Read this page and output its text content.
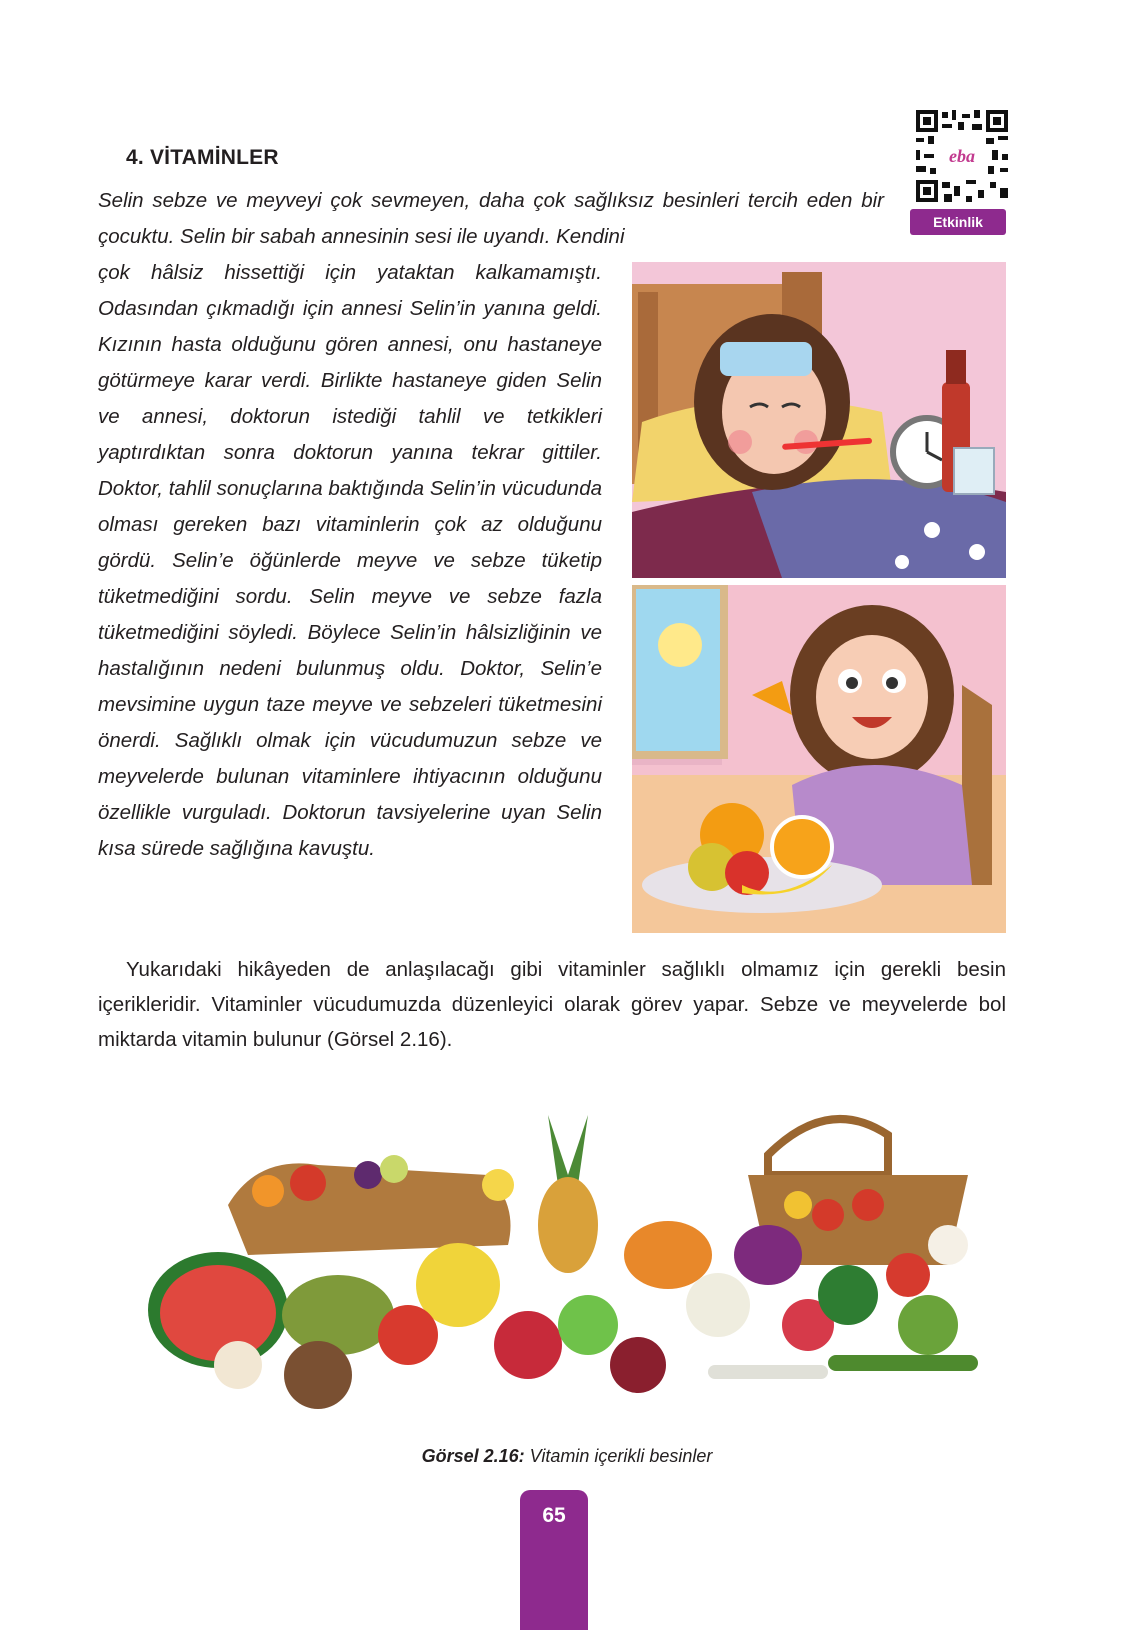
4. VİTAMİNLER	eba
Etkinlik

Selin sebze ve meyveyi çok sevmeyen, daha çok sağlıksız besinleri tercih eden bir çocuktu. Selin bir sabah annesinin sesi ile uyandı. Kendini

çok hâlsiz hissettiği için yataktan kalkamamıştı. Odasından çıkmadığı için annesi Selin’in yanına geldi. Kızının hasta olduğunu gören annesi, onu hastaneye götürmeye karar verdi. Birlikte hastaneye giden Selin ve annesi, doktorun istediği tahlil ve tetkikleri yaptırdıktan sonra doktorun yanına tekrar gittiler. Doktor, tahlil sonuçlarına baktığında Selin’in vücudunda olması gereken bazı vitaminlerin çok az olduğunu gördü. Selin’e öğünlerde meyve ve sebze tüketip tüketmediğini sordu. Selin meyve ve sebze fazla tüketmediğini söyledi. Böylece Selin’in hâlsizliğinin ve hastalığının nedeni bulunmuş oldu. Doktor, Selin’e mevsimine uygun taze meyve ve sebzeleri tüketmesini önerdi. Sağlıklı olmak için vücudumuzun sebze ve meyvelerde bulunan vitaminlere ihtiyacının olduğunu özellikle vurguladı. Doktorun tavsiyelerine uyan Selin kısa sürede sağlığına kavuştu.

Yukarıdaki hikâyeden de anlaşılacağı gibi vitaminler sağlıklı olmamız için gerekli besin içerikleridir. Vitaminler vücudumuzda düzenleyici olarak görev yapar. Sebze ve meyvelerde bol miktarda vitamin bulunur (Görsel 2.16).

Görsel 2.16: Vitamin içerikli besinler
65
